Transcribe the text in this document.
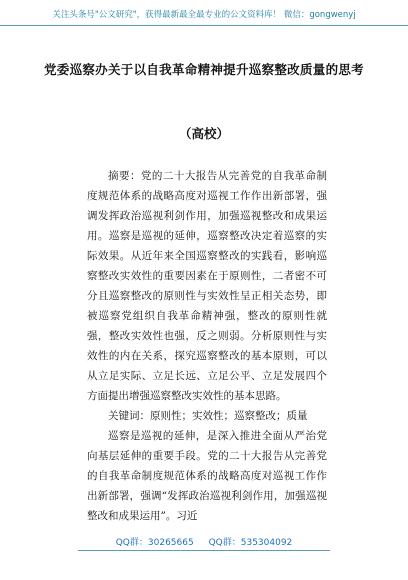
关注头条号"公文研究"，获得最新最全最专业的公文资料库！ 微信：gongwenyj
党委巡察办关于以自我革命精神提升巡察整改质量的思考
（高校）

摘要：党的二十大报告从完善党的自我革命制度规范体系的战略高度对巡视工作作出新部署，强调发挥政治巡视利剑作用，加强巡视整改和成果运用。巡察是巡视的延伸，巡察整改决定着巡察的实际效果。从近年来全国巡察整改的实践看，影响巡察整改实效性的重要因素在于原则性，二者密不可分且巡察整改的原则性与实效性呈正相关态势，即被巡察党组织自我革命精神强，整改的原则性就强，整改实效性也强，反之则弱。分析原则性与实效性的内在关系，探究巡察整改的基本原则，可以从立足实际、立足长远、立足公平、立足发展四个方面提出增强巡察整改实效性的基本思路。

关键词：原则性；实效性；巡察整改；质量

巡察是巡视的延伸，是深入推进全面从严治党向基层延伸的重要手段。党的二十大报告从完善党的自我革命制度规范体系的战略高度对巡视工作作出新部署，强调“发挥政治巡视利剑作用，加强巡视整改和成果运用”。习近

QQ群：30265665 QQ群：535304092
